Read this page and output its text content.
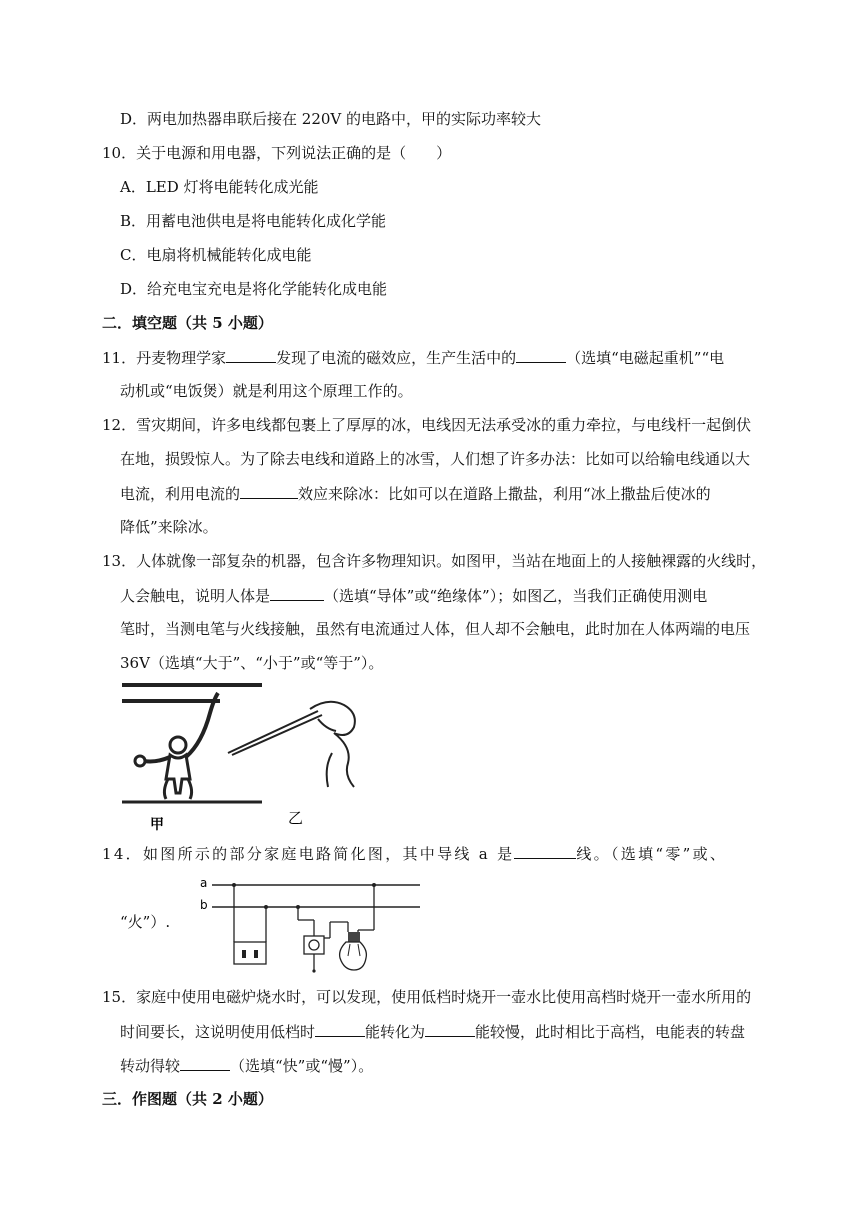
D．两电加热器串联后接在 220V 的电路中，甲的实际功率较大
10．关于电源和用电器，下列说法正确的是（　　）
A．LED 灯将电能转化成光能
B．用蓄电池供电是将电能转化成化学能
C．电扇将机械能转化成电能
D．给充电宝充电是将化学能转化成电能
二．填空题（共 5 小题）
11．丹麦物理学家	发现了电流的磁效应，生产生活中的	（选填“电磁起重机”“电
动机或“电饭煲）就是利用这个原理工作的。
12．雪灾期间，许多电线都包裹上了厚厚的冰，电线因无法承受冰的重力牵拉，与电线杆一起倒伏
在地，损毁惊人。为了除去电线和道路上的冰雪，人们想了许多办法：比如可以给输电线通以大
电流，利用电流的	效应来除冰：比如可以在道路上撒盐，利用“冰上撒盐后使冰的
降低”来除冰。
13．人体就像一部复杂的机器，包含许多物理知识。如图甲，当站在地面上的人接触裸露的火线时，
人会触电，说明人体是	（选填“导体”或“绝缘体”）；如图乙，当我们正确使用测电
笔时，当测电笔与火线接触，虽然有电流通过人体，但人却不会触电，此时加在人体两端的电压
36V（选填“大于”、“小于”或“等于”）。
甲	乙
14．如图所示的部分家庭电路简化图，其中导线 a 是	线。（选填“零”或、
“火”）.
a
b
15．家庭中使用电磁炉烧水时，可以发现，使用低档时烧开一壶水比使用高档时烧开一壶水所用的
时间要长，这说明使用低档时	能转化为	能较慢，此时相比于高档，电能表的转盘
转动得较	（选填“快”或“慢”）。
三．作图题（共 2 小题）
